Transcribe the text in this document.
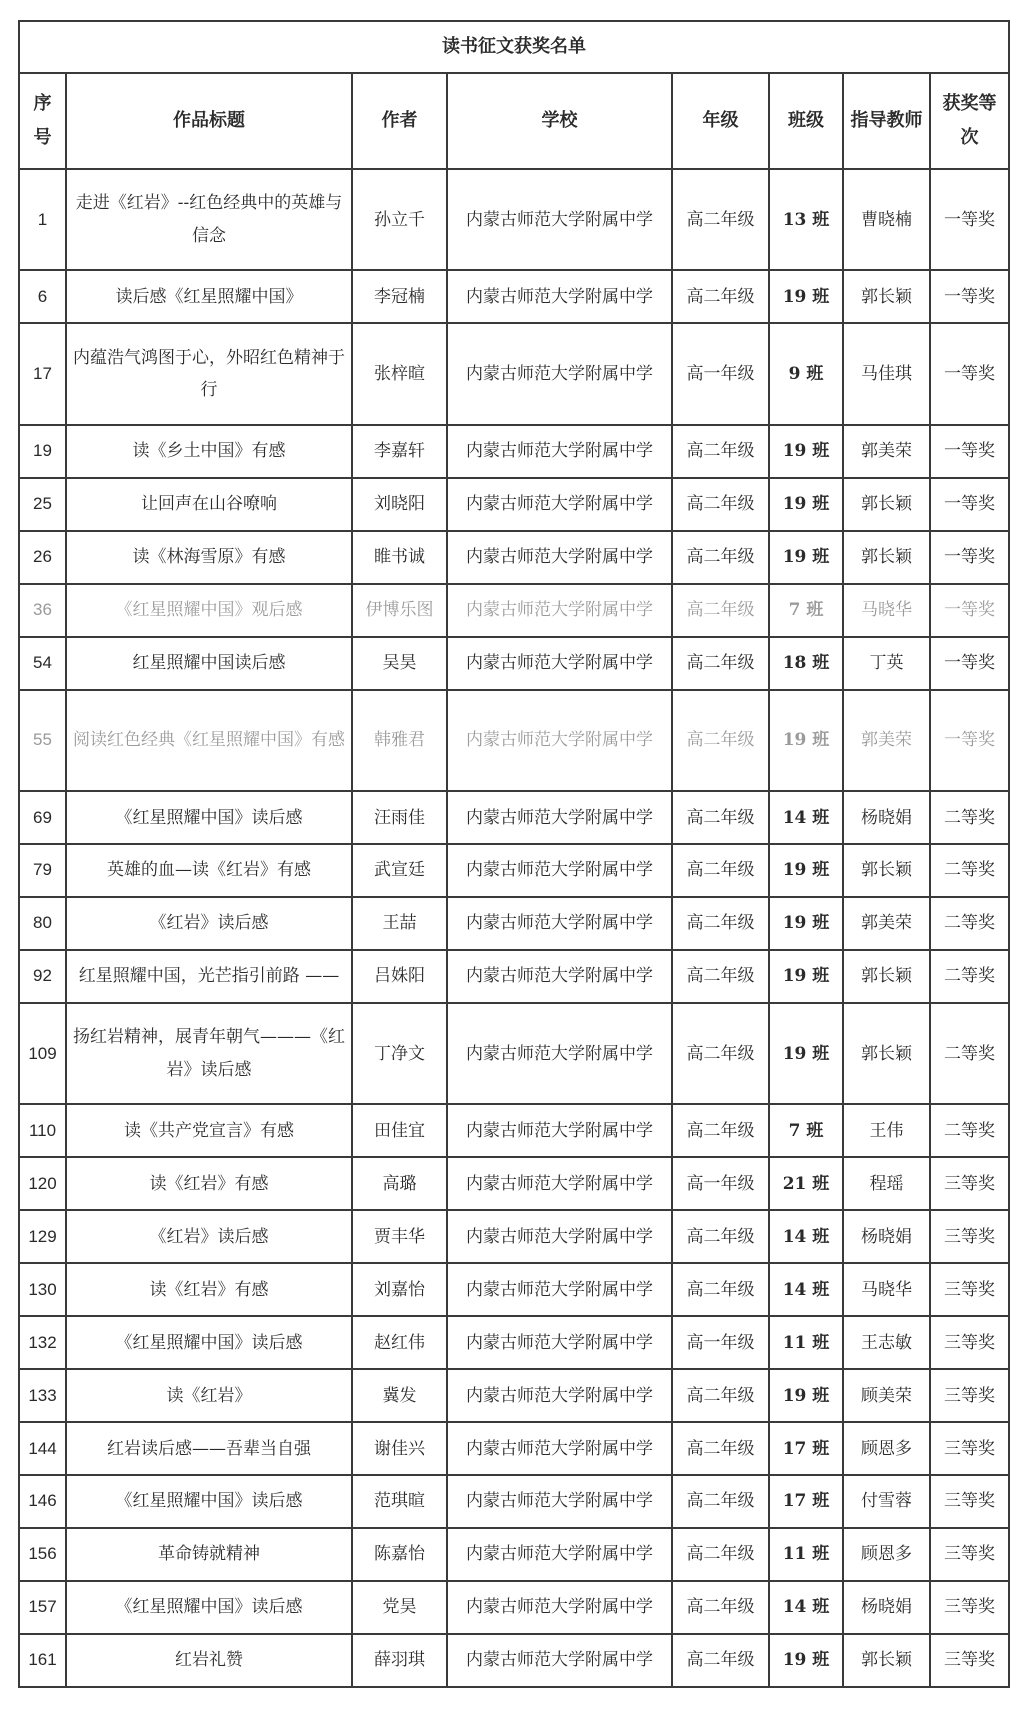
读书征文获奖名单							
序号	作品标题	作者	学校	年级	班级	指导教师	获奖等次
1	走进《红岩》--红色经典中的英雄与信念	孙立千	内蒙古师范大学附属中学	高二年级	13 班	曹晓楠	一等奖
6	读后感《红星照耀中国》	李冠楠	内蒙古师范大学附属中学	高二年级	19 班	郭长颖	一等奖
17	内蕴浩气鸿图于心，外昭红色精神于行	张梓暄	内蒙古师范大学附属中学	高一年级	9 班	马佳琪	一等奖
19	读《乡土中国》有感	李嘉轩	内蒙古师范大学附属中学	高二年级	19 班	郭美荣	一等奖
25	让回声在山谷嘹响	刘晓阳	内蒙古师范大学附属中学	高二年级	19 班	郭长颖	一等奖
26	读《林海雪原》有感	睢书诚	内蒙古师范大学附属中学	高二年级	19 班	郭长颖	一等奖
36	《红星照耀中国》观后感	伊博乐图	内蒙古师范大学附属中学	高二年级	7 班	马晓华	一等奖
54	红星照耀中国读后感	吴昊	内蒙古师范大学附属中学	高二年级	18 班	丁英	一等奖
55	阅读红色经典《红星照耀中国》有感	韩雅君	内蒙古师范大学附属中学	高二年级	19 班	郭美荣	一等奖
69	《红星照耀中国》读后感	汪雨佳	内蒙古师范大学附属中学	高二年级	14 班	杨晓娟	二等奖
79	英雄的血—读《红岩》有感	武宣廷	内蒙古师范大学附属中学	高二年级	19 班	郭长颖	二等奖
80	《红岩》读后感	王喆	内蒙古师范大学附属中学	高二年级	19 班	郭美荣	二等奖
92	红星照耀中国，光芒指引前路 ——	吕姝阳	内蒙古师范大学附属中学	高二年级	19 班	郭长颖	二等奖
109	扬红岩精神，展青年朝气———《红岩》读后感	丁净文	内蒙古师范大学附属中学	高二年级	19 班	郭长颖	二等奖
110	读《共产党宣言》有感	田佳宜	内蒙古师范大学附属中学	高二年级	7 班	王伟	二等奖
120	读《红岩》有感	高璐	内蒙古师范大学附属中学	高一年级	21 班	程瑶	三等奖
129	《红岩》读后感	贾丰华	内蒙古师范大学附属中学	高二年级	14 班	杨晓娟	三等奖
130	读《红岩》有感	刘嘉怡	内蒙古师范大学附属中学	高二年级	14 班	马晓华	三等奖
132	《红星照耀中国》读后感	赵红伟	内蒙古师范大学附属中学	高一年级	11 班	王志敏	三等奖
133	读《红岩》	冀发	内蒙古师范大学附属中学	高二年级	19 班	顾美荣	三等奖
144	红岩读后感——吾辈当自强	谢佳兴	内蒙古师范大学附属中学	高二年级	17 班	顾恩多	三等奖
146	《红星照耀中国》读后感	范琪暄	内蒙古师范大学附属中学	高二年级	17 班	付雪蓉	三等奖
156	革命铸就精神	陈嘉怡	内蒙古师范大学附属中学	高二年级	11 班	顾恩多	三等奖
157	《红星照耀中国》读后感	党昊	内蒙古师范大学附属中学	高二年级	14 班	杨晓娟	三等奖
161	红岩礼赞	薛羽琪	内蒙古师范大学附属中学	高二年级	19 班	郭长颖	三等奖
